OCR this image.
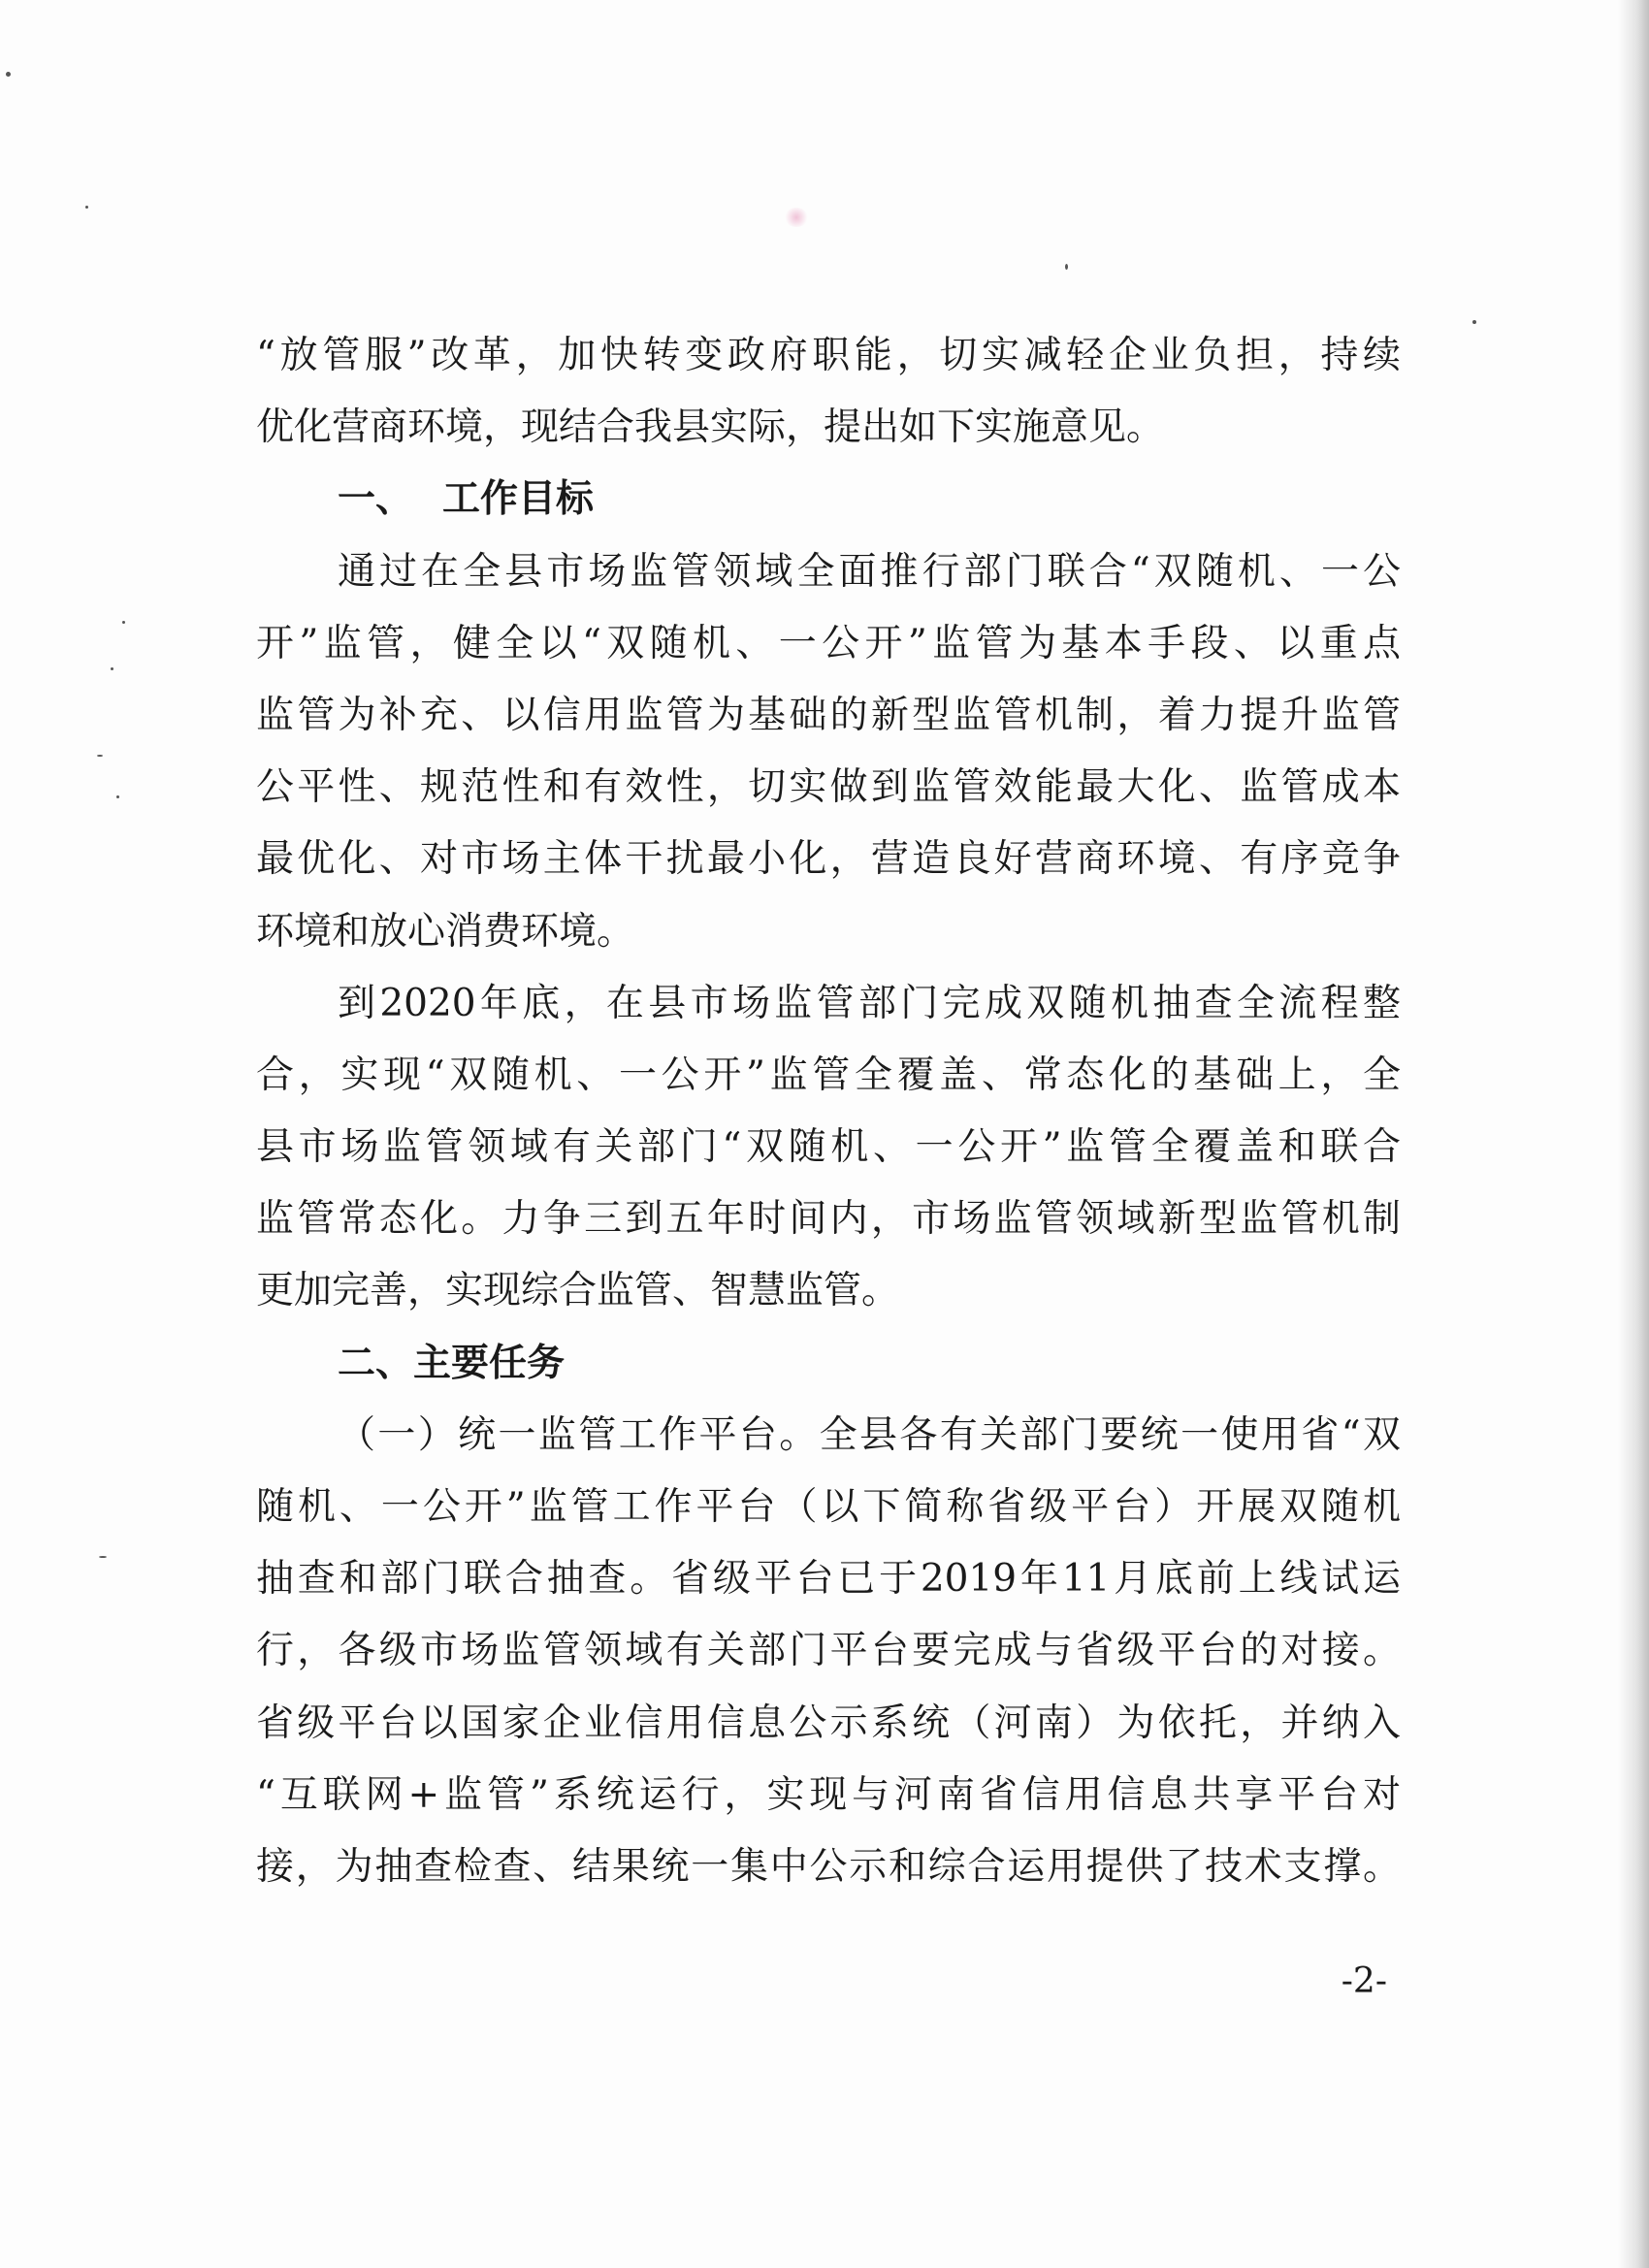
“放管服”改革，加快转变政府职能，切实减轻企业负担，持续
优化营商环境，现结合我县实际，提出如下实施意见。
一、 工作目标
通过在全县市场监管领域全面推行部门联合“双随机、一公
开”监管，健全以“双随机、一公开”监管为基本手段、以重点
监管为补充、以信用监管为基础的新型监管机制，着力提升监管
公平性、规范性和有效性，切实做到监管效能最大化、监管成本
最优化、对市场主体干扰最小化，营造良好营商环境、有序竞争
环境和放心消费环境。
到2020年底，在县市场监管部门完成双随机抽查全流程整
合，实现“双随机、一公开”监管全覆盖、常态化的基础上，全
县市场监管领域有关部门“双随机、一公开”监管全覆盖和联合
监管常态化。力争三到五年时间内，市场监管领域新型监管机制
更加完善，实现综合监管、智慧监管。
二、主要任务
（一）统一监管工作平台。全县各有关部门要统一使用省“双
随机、一公开”监管工作平台（以下简称省级平台）开展双随机
抽查和部门联合抽查。省级平台已于2019年11月底前上线试运
行，各级市场监管领域有关部门平台要完成与省级平台的对接。
省级平台以国家企业信用信息公示系统（河南）为依托，并纳入
“互联网+监管”系统运行，实现与河南省信用信息共享平台对
接，为抽查检查、结果统一集中公示和综合运用提供了技术支撑。
-2-
